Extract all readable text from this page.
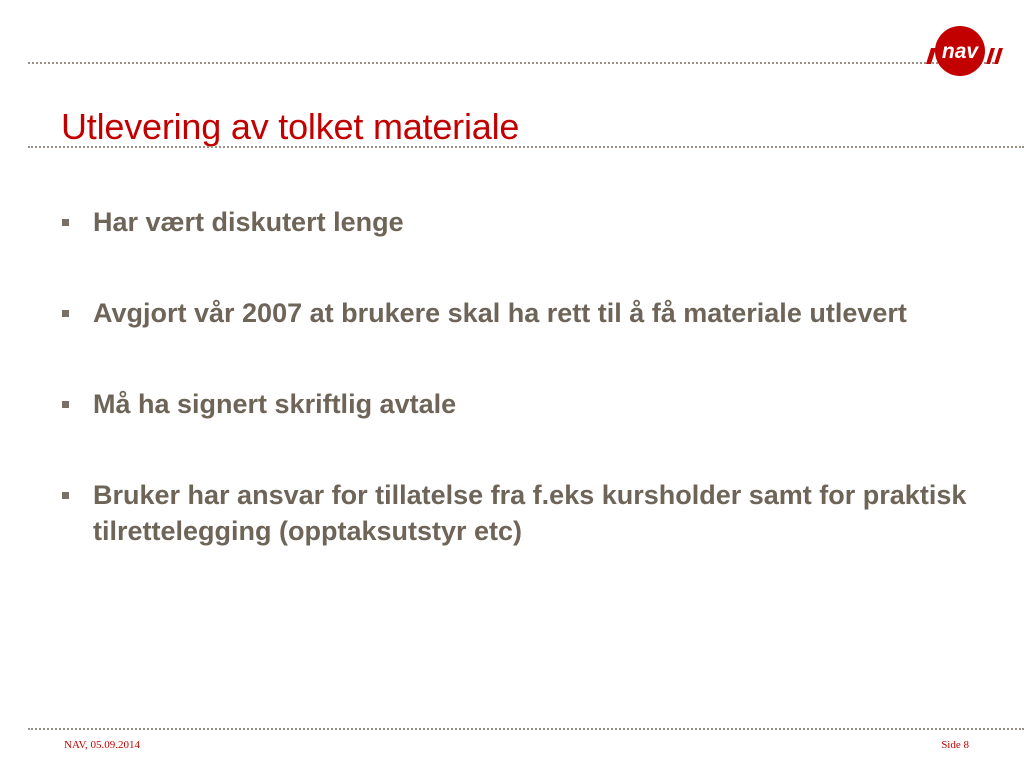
nav
Utlevering av tolket materiale
Har vært diskutert lenge
Avgjort vår 2007 at brukere skal ha rett til å få materiale utlevert
Må ha signert skriftlig avtale
Bruker har ansvar for tillatelse fra f.eks kursholder samt for praktisk tilrettelegging (opptaksutstyr etc)
NAV, 05.09.2014	Side 8
